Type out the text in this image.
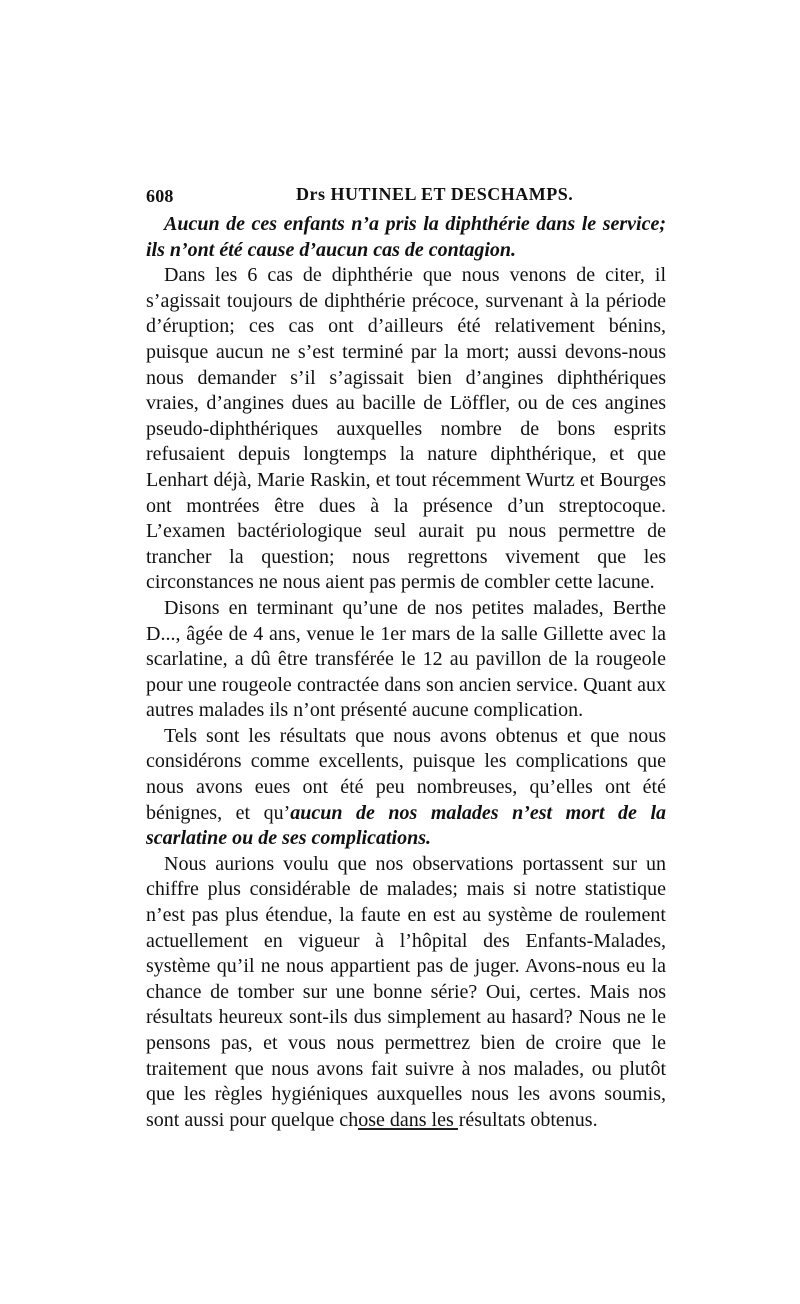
608	Drs HUTINEL ET DESCHAMPS.

Aucun de ces enfants n’a pris la diphthérie dans le service; ils n’ont été cause d’aucun cas de contagion.

Dans les 6 cas de diphthérie que nous venons de citer, il s’agissait toujours de diphthérie précoce, survenant à la période d’éruption; ces cas ont d’ailleurs été relativement bénins, puisque aucun ne s’est terminé par la mort; aussi devons-nous nous demander s’il s’agissait bien d’angines diphthériques vraies, d’angines dues au bacille de Löffler, ou de ces angines pseudo-diphthériques auxquelles nombre de bons esprits refusaient depuis longtemps la nature diphthérique, et que Lenhart déjà, Marie Raskin, et tout récemment Wurtz et Bourges ont montrées être dues à la présence d’un streptocoque. L’examen bactériologique seul aurait pu nous permettre de trancher la question; nous regrettons vivement que les circonstances ne nous aient pas permis de combler cette lacune.

Disons en terminant qu’une de nos petites malades, Berthe D..., âgée de 4 ans, venue le 1er mars de la salle Gillette avec la scarlatine, a dû être transférée le 12 au pavillon de la rougeole pour une rougeole contractée dans son ancien service. Quant aux autres malades ils n’ont présenté aucune complication.

Tels sont les résultats que nous avons obtenus et que nous considérons comme excellents, puisque les complications que nous avons eues ont été peu nombreuses, qu’elles ont été bénignes, et qu’aucun de nos malades n’est mort de la scarlatine ou de ses complications.

Nous aurions voulu que nos observations portassent sur un chiffre plus considérable de malades; mais si notre statistique n’est pas plus étendue, la faute en est au système de roulement actuellement en vigueur à l’hôpital des Enfants-Malades, système qu’il ne nous appartient pas de juger. Avons-nous eu la chance de tomber sur une bonne série? Oui, certes. Mais nos résultats heureux sont-ils dus simplement au hasard? Nous ne le pensons pas, et vous nous permettrez bien de croire que le traitement que nous avons fait suivre à nos malades, ou plutôt que les règles hygiéniques auxquelles nous les avons soumis, sont aussi pour quelque chose dans les résultats obtenus.
